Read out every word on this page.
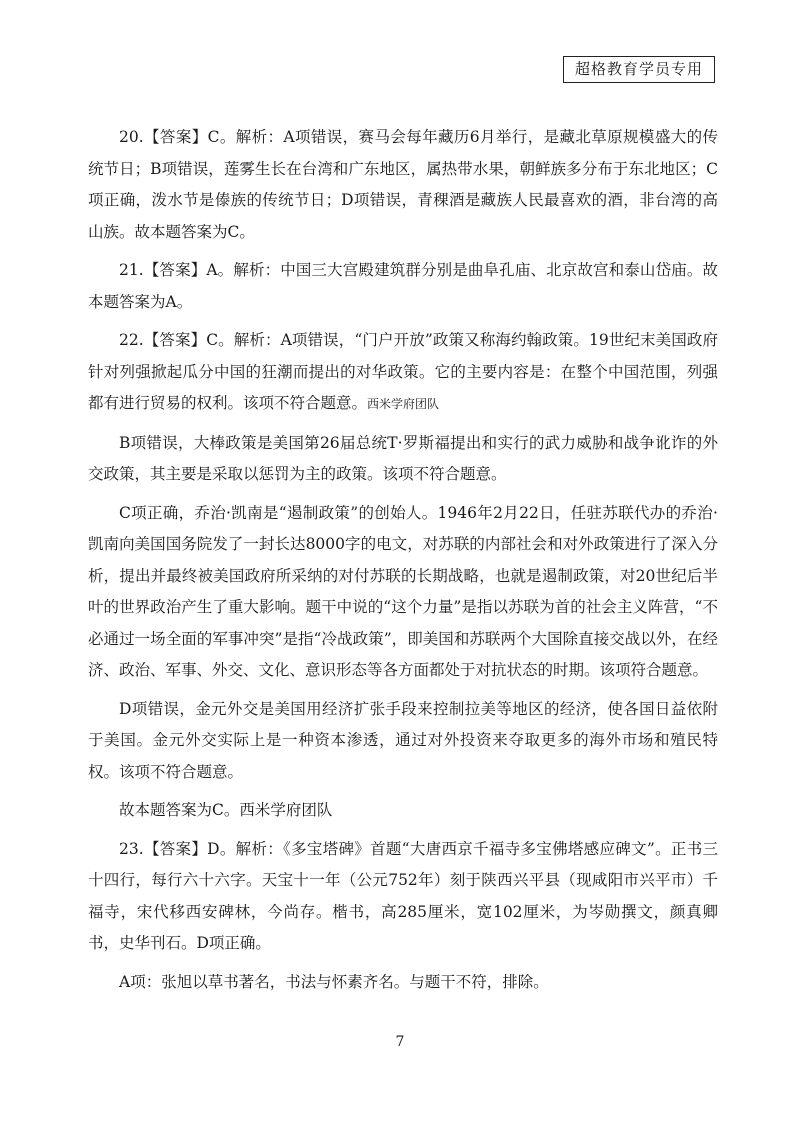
超格教育学员专用

20.【答案】C。解析：A项错误，赛马会每年藏历6月举行，是藏北草原规模盛大的传统节日；B项错误，莲雾生长在台湾和广东地区，属热带水果，朝鲜族多分布于东北地区；C项正确，泼水节是傣族的传统节日；D项错误，青稞酒是藏族人民最喜欢的酒，非台湾的高山族。故本题答案为C。

21.【答案】A。解析：中国三大宫殿建筑群分别是曲阜孔庙、北京故宫和泰山岱庙。故本题答案为A。

22.【答案】C。解析：A项错误，“门户开放”政策又称海约翰政策。19世纪末美国政府针对列强掀起瓜分中国的狂潮而提出的对华政策。它的主要内容是：在整个中国范围，列强都有进行贸易的权利。该项不符合题意。西米学府团队

B项错误，大棒政策是美国第26届总统T·罗斯福提出和实行的武力威胁和战争讹诈的外交政策，其主要是采取以惩罚为主的政策。该项不符合题意。

C项正确，乔治·凯南是“遏制政策”的创始人。1946年2月22日，任驻苏联代办的乔治·凯南向美国国务院发了一封长达8000字的电文，对苏联的内部社会和对外政策进行了深入分析，提出并最终被美国政府所采纳的对付苏联的长期战略，也就是遏制政策，对20世纪后半叶的世界政治产生了重大影响。题干中说的“这个力量”是指以苏联为首的社会主义阵营，“不必通过一场全面的军事冲突”是指“冷战政策”，即美国和苏联两个大国除直接交战以外，在经济、政治、军事、外交、文化、意识形态等各方面都处于对抗状态的时期。该项符合题意。

D项错误，金元外交是美国用经济扩张手段来控制拉美等地区的经济，使各国日益依附于美国。金元外交实际上是一种资本渗透，通过对外投资来夺取更多的海外市场和殖民特权。该项不符合题意。

故本题答案为C。西米学府团队

23.【答案】D。解析：《多宝塔碑》首题“大唐西京千福寺多宝佛塔感应碑文”。正书三十四行，每行六十六字。天宝十一年（公元752年）刻于陕西兴平县（现咸阳市兴平市）千福寺，宋代移西安碑林，今尚存。楷书，高285厘米，宽102厘米，为岑勋撰文，颜真卿书，史华刊石。D项正确。

A项：张旭以草书著名，书法与怀素齐名。与题干不符，排除。

7
